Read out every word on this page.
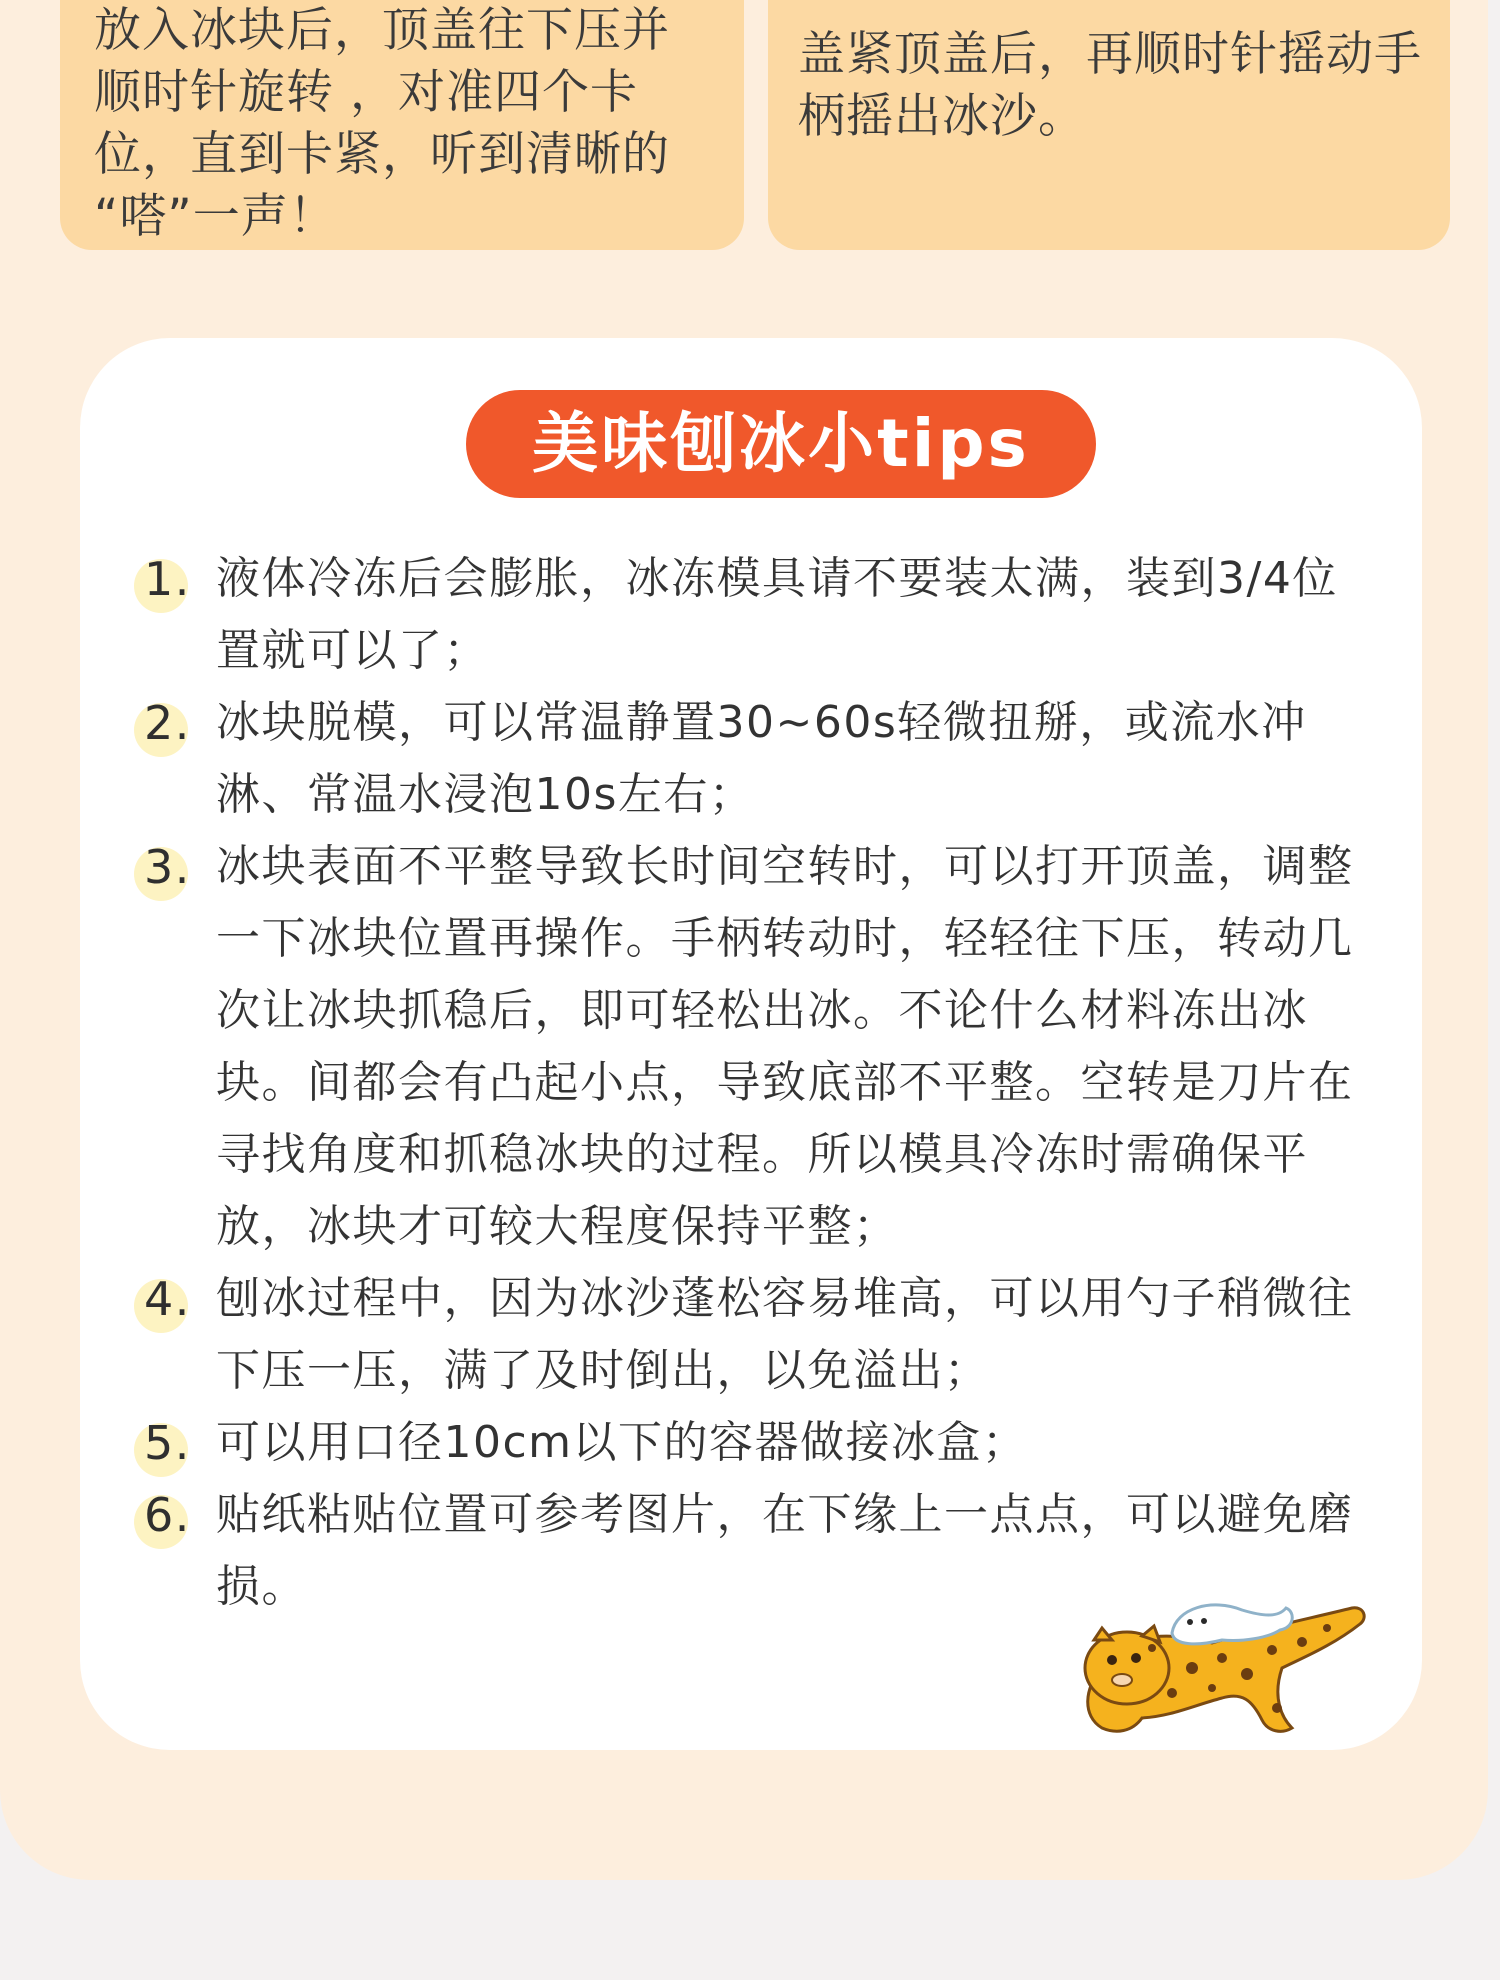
放入冰块后，顶盖往下压并
顺时针旋转 ，对准四个卡
位，直到卡紧，听到清晰的
“嗒”一声！
盖紧顶盖后，再顺时针摇动手
柄摇出冰沙。
美味刨冰小tips
1. 液体冷冻后会膨胀，冰冻模具请不要装太满，装到3/4位置就可以了；
2. 冰块脱模，可以常温静置30~60s轻微扭掰，或流水冲淋、常温水浸泡10s左右；
3. 冰块表面不平整导致长时间空转时，可以打开顶盖，调整一下冰块位置再操作。手柄转动时，轻轻往下压，转动几次让冰块抓稳后，即可轻松出冰。不论什么材料冻出冰块。间都会有凸起小点，导致底部不平整。空转是刀片在寻找角度和抓稳冰块的过程。所以模具冷冻时需确保平放，冰块才可较大程度保持平整；
4. 刨冰过程中，因为冰沙蓬松容易堆高，可以用勺子稍微往下压一压，满了及时倒出，以免溢出；
5. 可以用口径10cm以下的容器做接冰盒；
6. 贴纸粘贴位置可参考图片，在下缘上一点点，可以避免磨损。
